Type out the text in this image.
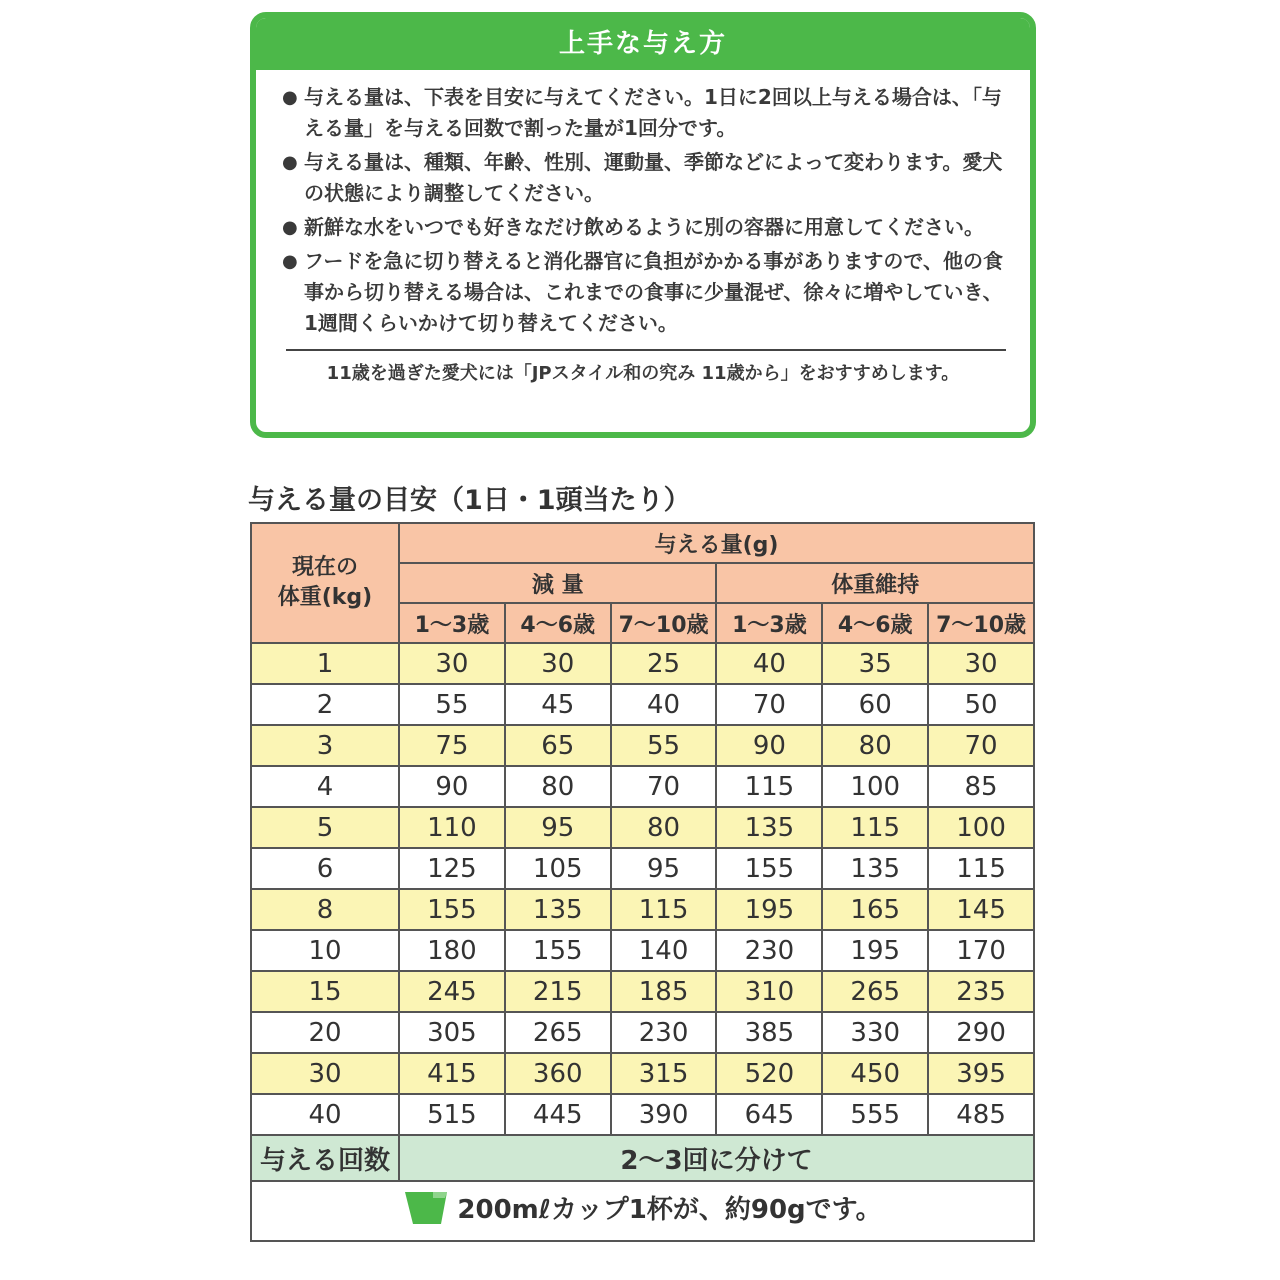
上手な与え方
● 与える量は、下表を目安に与えてください。1日に2回以上与える場合は、「与える量」を与える回数で割った量が1回分です。
● 与える量は、種類、年齢、性別、運動量、季節などによって変わります。愛犬の状態により調整してください。
● 新鮮な水をいつでも好きなだけ飲めるように別の容器に用意してください。
● フードを急に切り替えると消化器官に負担がかかる事がありますので、他の食事から切り替える場合は、これまでの食事に少量混ぜ、徐々に増やしていき、1週間くらいかけて切り替えてください。
11歳を過ぎた愛犬には「JPスタイル和の究み 11歳から」をおすすめします。
与える量の目安（1日・1頭当たり）
現在の
体重(kg)	与える量(g)					
	減 量			体重維持		
	1〜3歳	4〜6歳	7〜10歳	1〜3歳	4〜6歳	7〜10歳
1	30	30	25	40	35	30
2	55	45	40	70	60	50
3	75	65	55	90	80	70
4	90	80	70	115	100	85
5	110	95	80	135	115	100
6	125	105	95	155	135	115
8	155	135	115	195	165	145
10	180	155	140	230	195	170
15	245	215	185	310	265	235
20	305	265	230	385	330	290
30	415	360	315	520	450	395
40	515	445	390	645	555	485
与える回数	2〜3回に分けて					

200mℓカップ1杯が、約90gです。						
